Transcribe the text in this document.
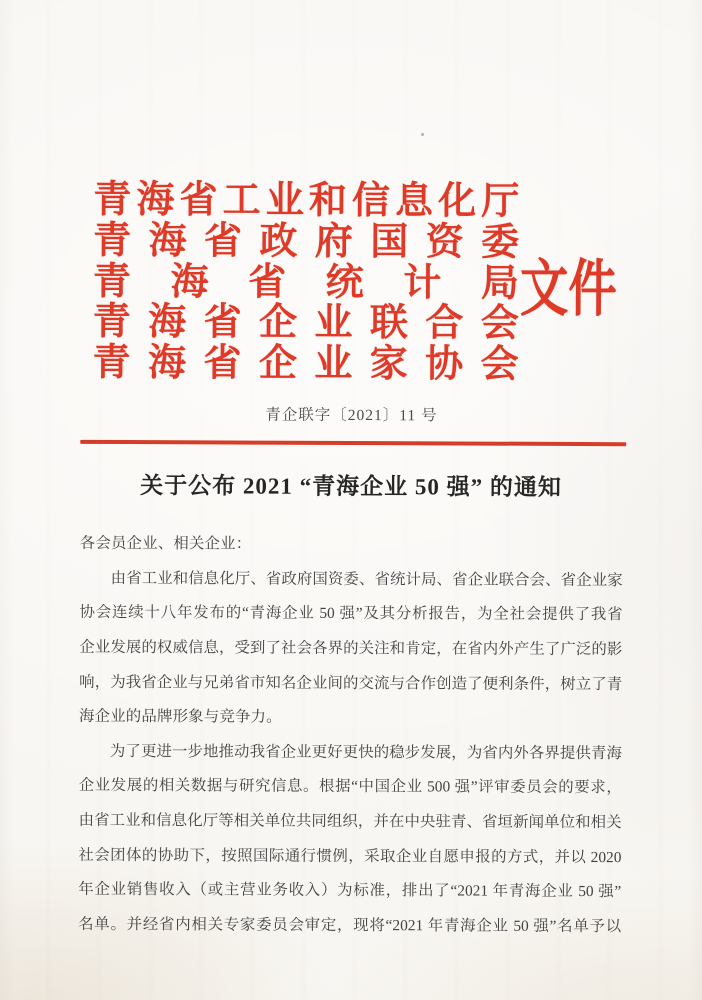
青海省工业和信息化厅
青海省政府国资委
青海省统计局
青海省企业联合会
青海省企业家协会
文件
青企联字〔2021〕11 号
关于公布 2021 “青海企业 50 强” 的通知
各会员企业、相关企业：
　　由省工业和信息化厅、省政府国资委、省统计局、省企业联合会、省企业家
协会连续十八年发布的“青海企业 50 强”及其分析报告，为全社会提供了我省
企业发展的权威信息，受到了社会各界的关注和肯定，在省内外产生了广泛的影
响，为我省企业与兄弟省市知名企业间的交流与合作创造了便利条件，树立了青
海企业的品牌形象与竞争力。
　　为了更进一步地推动我省企业更好更快的稳步发展，为省内外各界提供青海
企业发展的相关数据与研究信息。根据“中国企业 500 强”评审委员会的要求，
由省工业和信息化厅等相关单位共同组织，并在中央驻青、省垣新闻单位和相关
社会团体的协助下，按照国际通行惯例，采取企业自愿申报的方式，并以 2020
年企业销售收入（或主营业务收入）为标准，排出了“2021 年青海企业 50 强”
名单。并经省内相关专家委员会审定，现将“2021 年青海企业 50 强”名单予以
